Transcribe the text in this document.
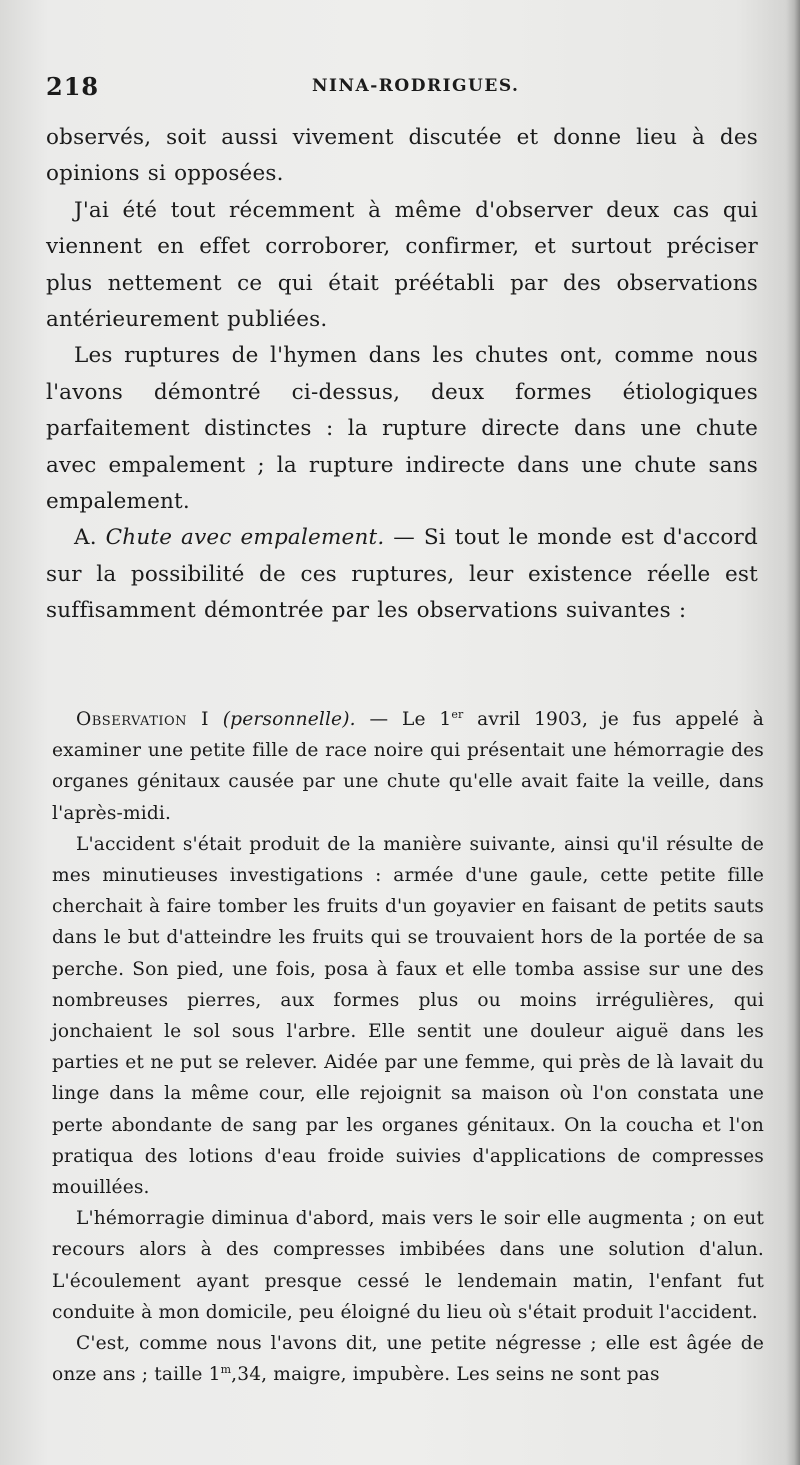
218	NINA-RODRIGUES.

observés, soit aussi vivement discutée et donne lieu à des opinions si opposées.

J'ai été tout récemment à même d'observer deux cas qui viennent en effet corroborer, confirmer, et surtout préciser plus nettement ce qui était préétabli par des observations antérieurement publiées.

Les ruptures de l'hymen dans les chutes ont, comme nous l'avons démontré ci-dessus, deux formes étiologiques parfaitement distinctes : la rupture directe dans une chute avec empalement ; la rupture indirecte dans une chute sans empalement.

A. Chute avec empalement. — Si tout le monde est d'accord sur la possibilité de ces ruptures, leur existence réelle est suffisamment démontrée par les observations suivantes :

Observation I (personnelle). — Le 1er avril 1903, je fus appelé à examiner une petite fille de race noire qui présentait une hémorragie des organes génitaux causée par une chute qu'elle avait faite la veille, dans l'après-midi.

L'accident s'était produit de la manière suivante, ainsi qu'il résulte de mes minutieuses investigations : armée d'une gaule, cette petite fille cherchait à faire tomber les fruits d'un goyavier en faisant de petits sauts dans le but d'atteindre les fruits qui se trouvaient hors de la portée de sa perche. Son pied, une fois, posa à faux et elle tomba assise sur une des nombreuses pierres, aux formes plus ou moins irrégulières, qui jonchaient le sol sous l'arbre. Elle sentit une douleur aiguë dans les parties et ne put se relever. Aidée par une femme, qui près de là lavait du linge dans la même cour, elle rejoignit sa maison où l'on constata une perte abondante de sang par les organes génitaux. On la coucha et l'on pratiqua des lotions d'eau froide suivies d'applications de compresses mouillées.

L'hémorragie diminua d'abord, mais vers le soir elle augmenta ; on eut recours alors à des compresses imbibées dans une solution d'alun. L'écoulement ayant presque cessé le lendemain matin, l'enfant fut conduite à mon domicile, peu éloigné du lieu où s'était produit l'accident.

C'est, comme nous l'avons dit, une petite négresse ; elle est âgée de onze ans ; taille 1$^m$,34, maigre, impubère. Les seins ne sont pas
